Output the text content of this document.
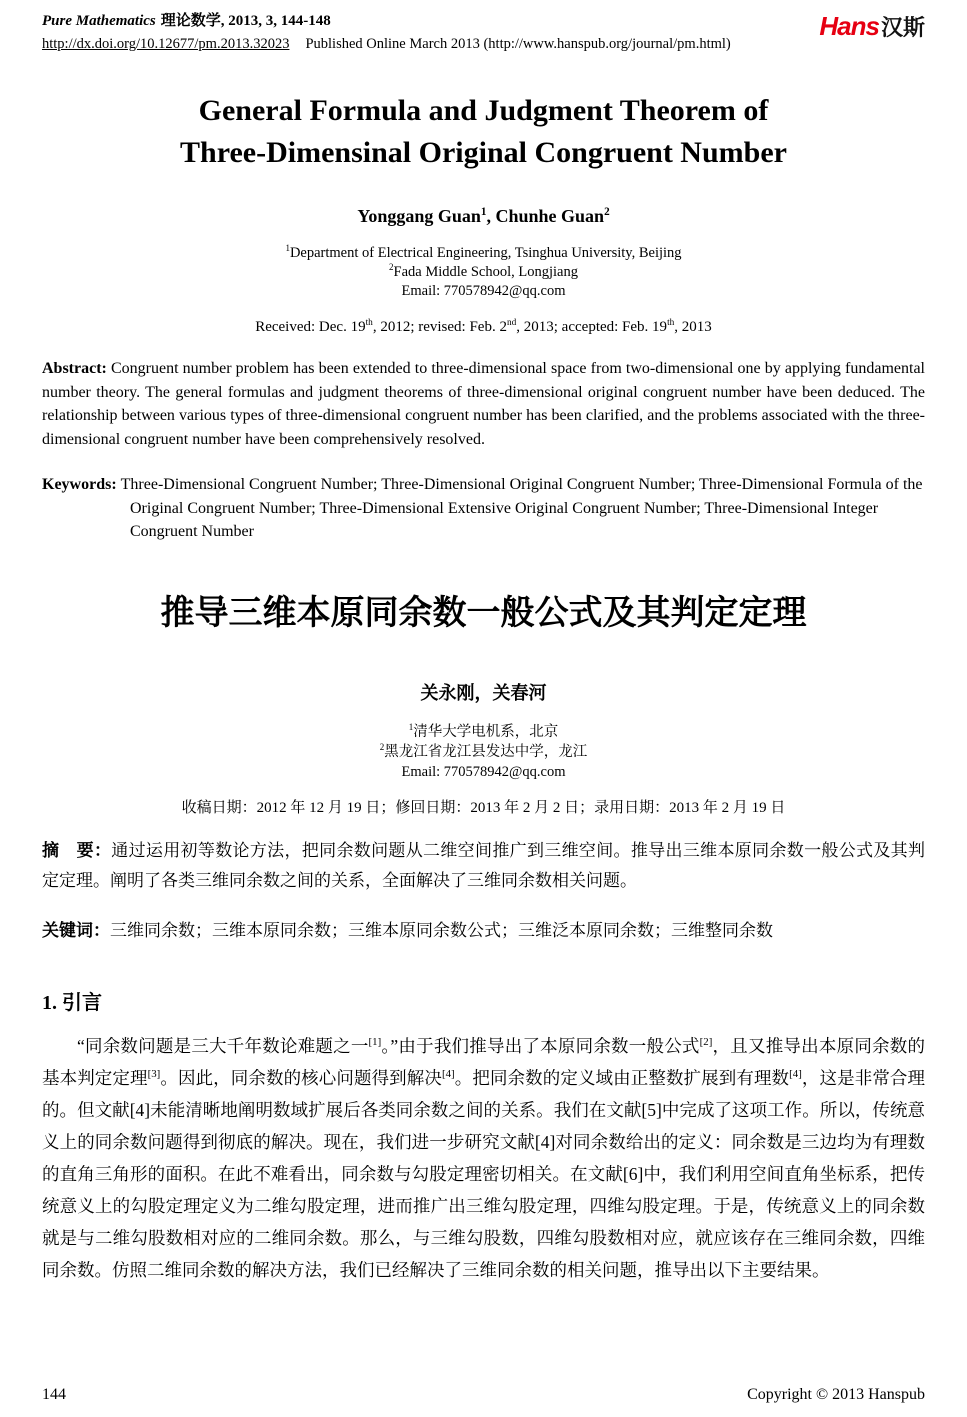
Pure Mathematics 理论数学, 2013, 3, 144-148
http://dx.doi.org/10.12677/pm.2013.32023 Published Online March 2013 (http://www.hanspub.org/journal/pm.html)
Hans汉斯
General Formula and Judgment Theorem of
Three-Dimensinal Original Congruent Number
Yonggang Guan$^1$, Chunhe Guan$^2$
$^1$Department of Electrical Engineering, Tsinghua University, Beijing
$^2$Fada Middle School, Longjiang
Email: 770578942@qq.com
Received: Dec. 19th, 2012; revised: Feb. 2nd, 2013; accepted: Feb. 19th, 2013

Abstract: Congruent number problem has been extended to three-dimensional space from two-dimensional one by applying fundamental number theory. The general formulas and judgment theorems of three-dimensional original congruent number have been deduced. The relationship between various types of three-dimensional congruent number has been clarified, and the problems associated with the three-dimensional congruent number have been comprehensively resolved.

Keywords: Three-Dimensional Congruent Number; Three-Dimensional Original Congruent Number; Three-Dimensional Formula of the Original Congruent Number; Three-Dimensional Extensive Original Congruent Number; Three-Dimensional Integer Congruent Number

推导三维本原同余数一般公式及其判定定理
关永刚，关春河
$^1$清华大学电机系，北京
$^2$黑龙江省龙江县发达中学，龙江
Email: 770578942@qq.com
收稿日期：2012 年 12 月 19 日；修回日期：2013 年 2 月 2 日；录用日期：2013 年 2 月 19 日

摘　要：通过运用初等数论方法，把同余数问题从二维空间推广到三维空间。推导出三维本原同余数一般公式及其判定定理。阐明了各类三维同余数之间的关系，全面解决了三维同余数相关问题。

关键词：三维同余数；三维本原同余数；三维本原同余数公式；三维泛本原同余数；三维整同余数

1. 引言

“同余数问题是三大千年数论难题之一[1]。”由于我们推导出了本原同余数一般公式[2]，且又推导出本原同余数的基本判定定理[3]。因此，同余数的核心问题得到解决[4]。把同余数的定义域由正整数扩展到有理数[4]，这是非常合理的。但文献[4]未能清晰地阐明数域扩展后各类同余数之间的关系。我们在文献[5]中完成了这项工作。所以，传统意义上的同余数问题得到彻底的解决。现在，我们进一步研究文献[4]对同余数给出的定义：同余数是三边均为有理数的直角三角形的面积。在此不难看出，同余数与勾股定理密切相关。在文献[6]中，我们利用空间直角坐标系，把传统意义上的勾股定理定义为二维勾股定理，进而推广出三维勾股定理，四维勾股定理。于是，传统意义上的同余数就是与二维勾股数相对应的二维同余数。那么，与三维勾股数，四维勾股数相对应，就应该存在三维同余数，四维同余数。仿照二维同余数的解决方法，我们已经解决了三维同余数的相关问题，推导出以下主要结果。

144	Copyright © 2013 Hanspub
